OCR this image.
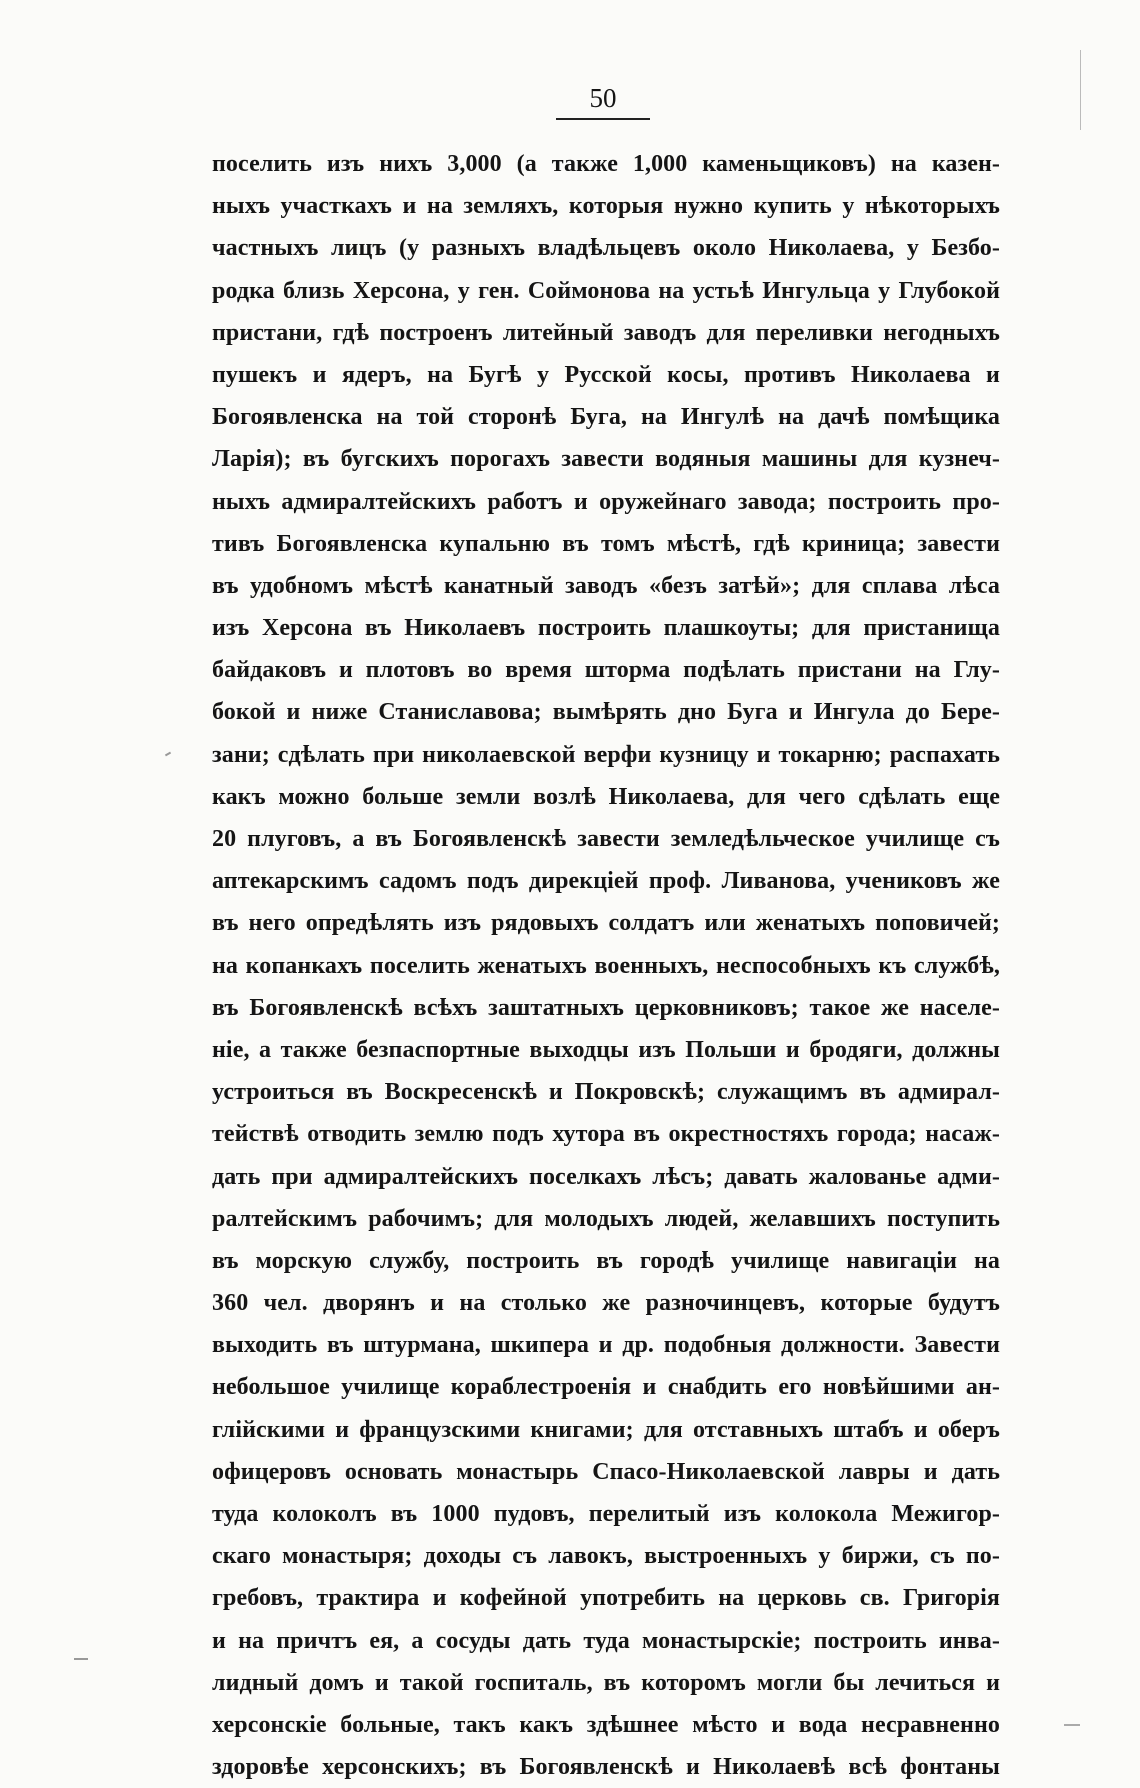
50
поселить изъ нихъ 3,000 (а также 1,000 каменьщиковъ) на казен-
ныхъ участкахъ и на земляхъ, которыя нужно купить у нѣкоторыхъ
частныхъ лицъ (у разныхъ владѣльцевъ около Николаева, у Безбо-
родка близь Херсона, у ген. Соймонова на устьѣ Ингульца у Глубокой
пристани, гдѣ построенъ литейный заводъ для переливки негодныхъ
пушекъ и ядеръ, на Бугѣ у Русской косы, противъ Николаева и
Богоявленска на той сторонѣ Буга, на Ингулѣ на дачѣ помѣщика
Ларія); въ бугскихъ порогахъ завести водяныя машины для кузнеч-
ныхъ адмиралтейскихъ работъ и оружейнаго завода; построить про-
тивъ Богоявленска купальню въ томъ мѣстѣ, гдѣ криница; завести
въ удобномъ мѣстѣ канатный заводъ «безъ затѣй»; для сплава лѣса
изъ Херсона въ Николаевъ построить плашкоуты; для пристанища
байдаковъ и плотовъ во время шторма подѣлать пристани на Глу-
бокой и ниже Станиславова; вымѣрять дно Буга и Ингула до Бере-
зани; сдѣлать при николаевской верфи кузницу и токарню; распахать
какъ можно больше земли возлѣ Николаева, для чего сдѣлать еще
20 плуговъ, а въ Богоявленскѣ завести земледѣльческое училище съ
аптекарскимъ садомъ подъ дирекціей проф. Ливанова, учениковъ же
въ него опредѣлять изъ рядовыхъ солдатъ или женатыхъ поповичей;
на копанкахъ поселить женатыхъ военныхъ, неспособныхъ къ службѣ,
въ Богоявленскѣ всѣхъ заштатныхъ церковниковъ; такое же населе-
ніе, а также безпаспортные выходцы изъ Польши и бродяги, должны
устроиться въ Воскресенскѣ и Покровскѣ; служащимъ въ адмирал-
тействѣ отводить землю подъ хутора въ окрестностяхъ города; насаж-
дать при адмиралтейскихъ поселкахъ лѣсъ; давать жалованье адми-
ралтейскимъ рабочимъ; для молодыхъ людей, желавшихъ поступить
въ морскую службу, построить въ городѣ училище навигаціи на
360 чел. дворянъ и на столько же разночинцевъ, которые будутъ
выходить въ штурмана, шкипера и др. подобныя должности. Завести
небольшое училище кораблестроенія и снабдить его новѣйшими ан-
глійскими и французскими книгами; для отставныхъ штабъ и оберъ
офицеровъ основать монастырь Спасо-Николаевской лавры и дать
туда колоколъ въ 1000 пудовъ, перелитый изъ колокола Межигор-
скаго монастыря; доходы съ лавокъ, выстроенныхъ у биржи, съ по-
гребовъ, трактира и кофейной употребить на церковь св. Григорія
и на причтъ ея, а сосуды дать туда монастырскіе; построить инва-
лидный домъ и такой госпиталь, въ которомъ могли бы лечиться и
херсонскіе больные, такъ какъ здѣшнее мѣсто и вода несравненно
здоровѣе херсонскихъ; въ Богоявленскѣ и Николаевѣ всѣ фонтаны
